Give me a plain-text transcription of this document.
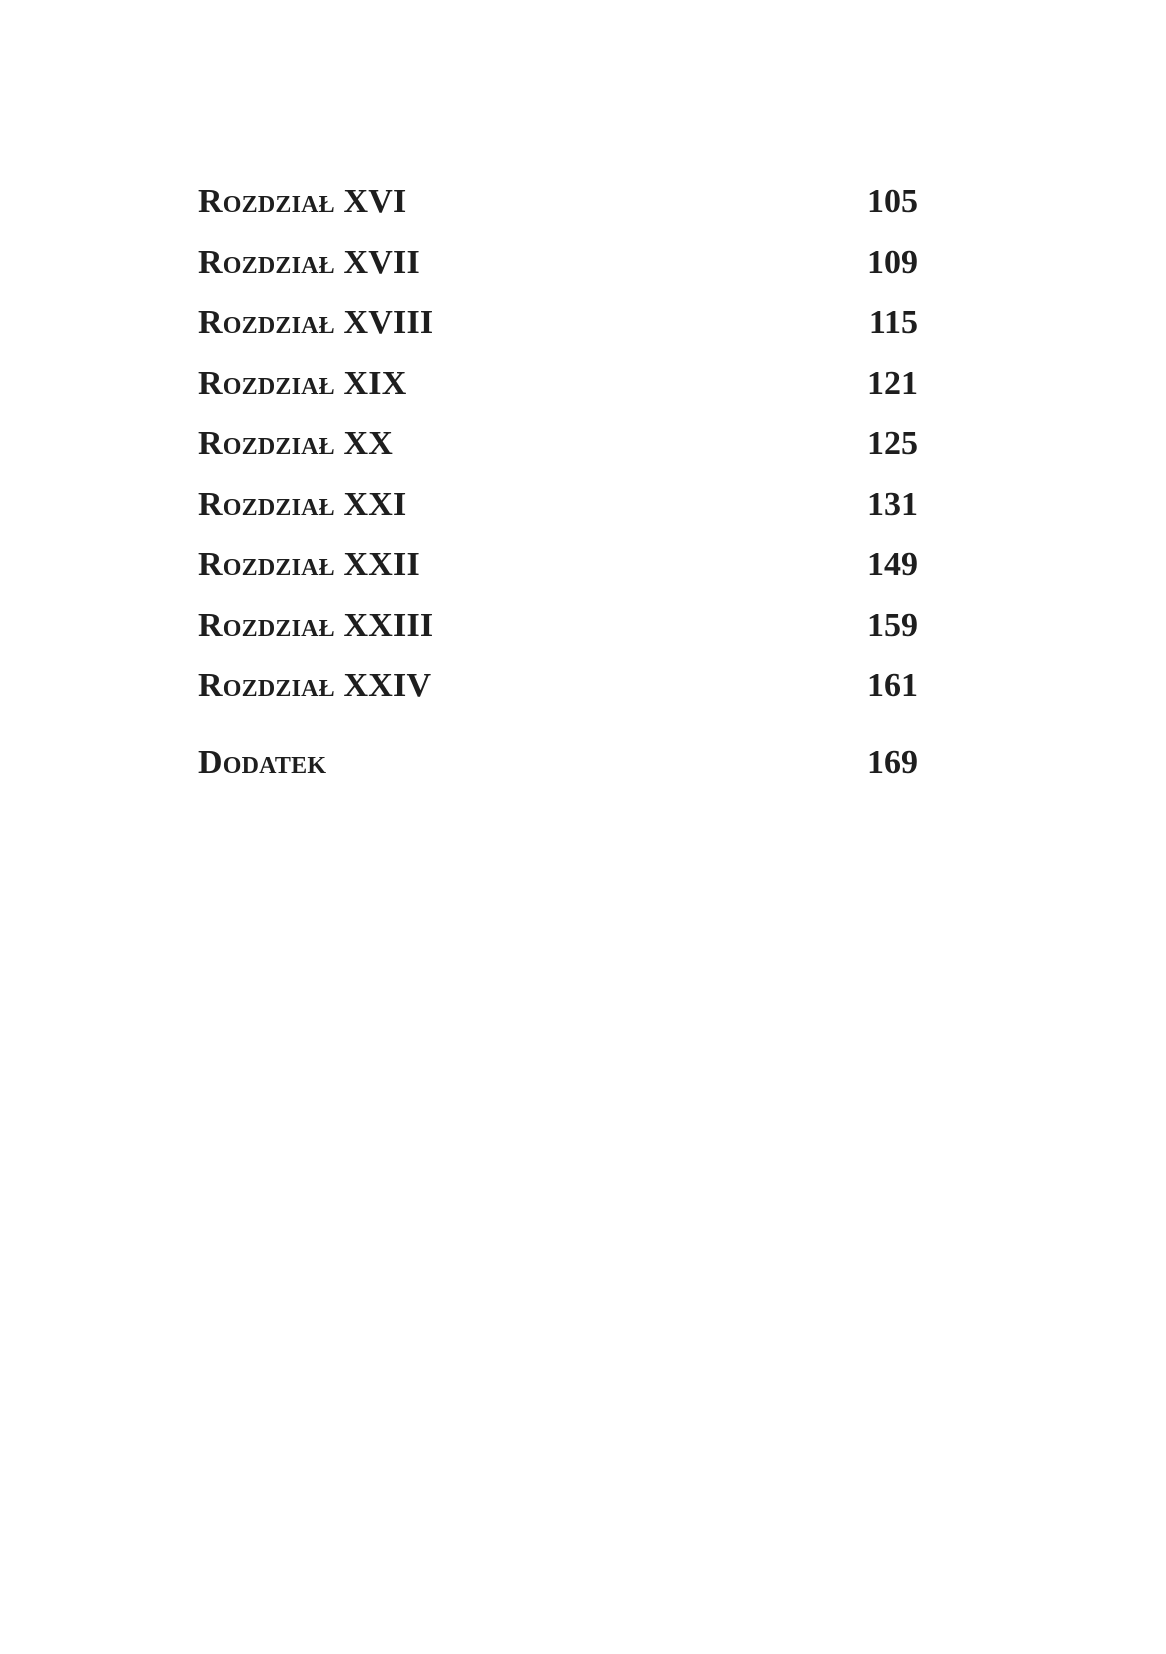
Rozdział XVI	105
Rozdział XVII	109
Rozdział XVIII	115
Rozdział XIX	121
Rozdział XX	125
Rozdział XXI	131
Rozdział XXII	149
Rozdział XXIII	159
Rozdział XXIV	161
Dodatek	169
